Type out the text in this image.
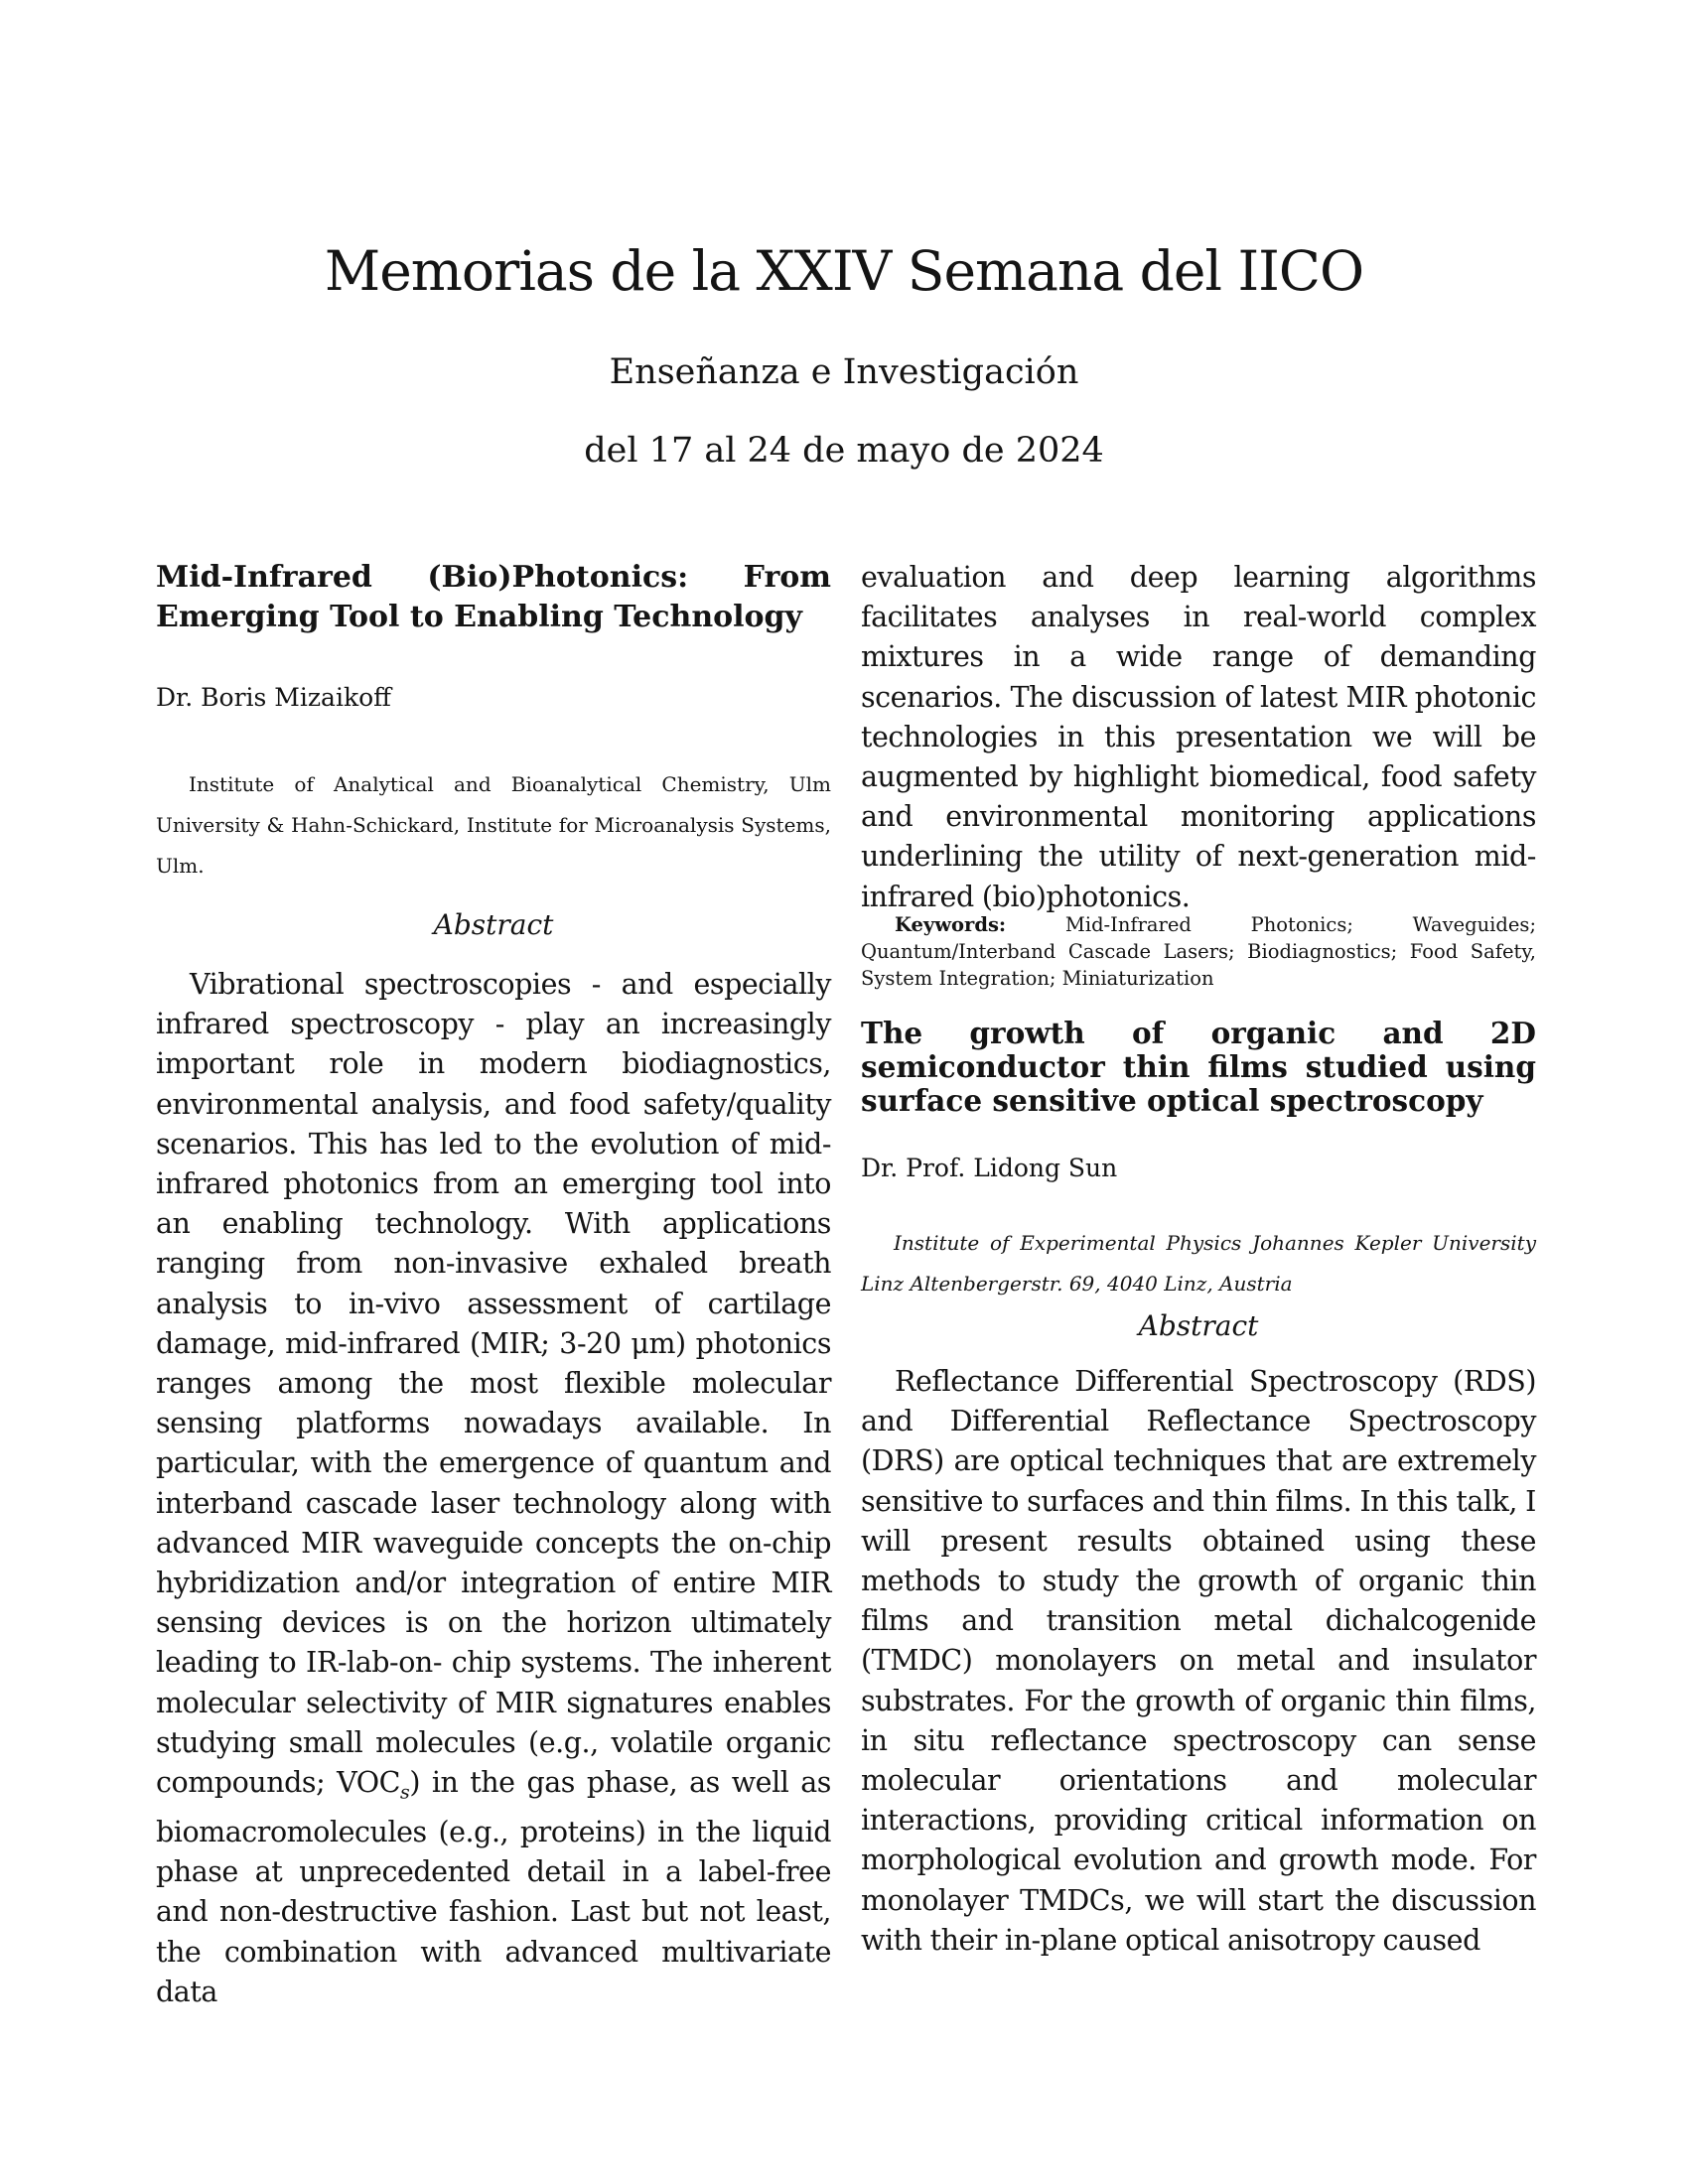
Memorias de la XXIV Semana del IICO
Enseñanza e Investigación
del 17 al 24 de mayo de 2024
Mid-Infrared (Bio)Photonics: From Emerging Tool to Enabling Technology
Dr. Boris Mizaikoff

Institute of Analytical and Bioanalytical Chemistry, Ulm University & Hahn-Schickard, Institute for Microanalysis Systems, Ulm.

Abstract

Vibrational spectroscopies - and especially infrared spectroscopy - play an increasingly important role in modern biodiagnostics, environmental analysis, and food safety/quality scenarios. This has led to the evolution of mid-infrared photonics from an emerging tool into an enabling technology. With applications ranging from non-invasive exhaled breath analysis to in-vivo assessment of cartilage damage, mid-infrared (MIR; 3-20 μm) photonics ranges among the most flexible molecular sensing platforms nowadays available. In particular, with the emergence of quantum and interband cascade laser technology along with advanced MIR waveguide concepts the on-chip hybridization and/or integration of entire MIR sensing devices is on the horizon ultimately leading to IR-lab-on- chip systems. The inherent molecular selectivity of MIR signatures enables studying small molecules (e.g., volatile organic compounds; $VOC_s$) in the gas phase, as well as biomacromolecules (e.g., proteins) in the liquid phase at unprecedented detail in a label-free and non-destructive fashion. Last but not least, the combination with advanced multivariate data

evaluation and deep learning algorithms facilitates analyses in real-world complex mixtures in a wide range of demanding scenarios. The discussion of latest MIR photonic technologies in this presentation we will be augmented by highlight biomedical, food safety and environmental monitoring applications underlining the utility of next-generation mid-infrared (bio)photonics.

Keywords:	Mid-Infrared Photonics; Waveguides; Quantum/Interband Cascade Lasers; Biodiagnostics; Food Safety, System Integration; Miniaturization

The growth of organic and 2D semiconductor thin films studied using surface sensitive optical spectroscopy
Dr. Prof. Lidong Sun

Institute of Experimental Physics Johannes Kepler University Linz Altenbergerstr. 69, 4040 Linz, Austria

Abstract

Reflectance Differential Spectroscopy (RDS) and Differential Reflectance Spectroscopy (DRS) are optical techniques that are extremely sensitive to surfaces and thin films. In this talk, I will present results obtained using these methods to study the growth of organic thin films and transition metal dichalcogenide (TMDC) monolayers on metal and insulator substrates. For the growth of organic thin films, in situ reflectance spectroscopy can sense molecular orientations and molecular interactions, providing critical information on morphological evolution and growth mode. For monolayer TMDCs, we will start the discussion with their in-plane optical anisotropy caused
